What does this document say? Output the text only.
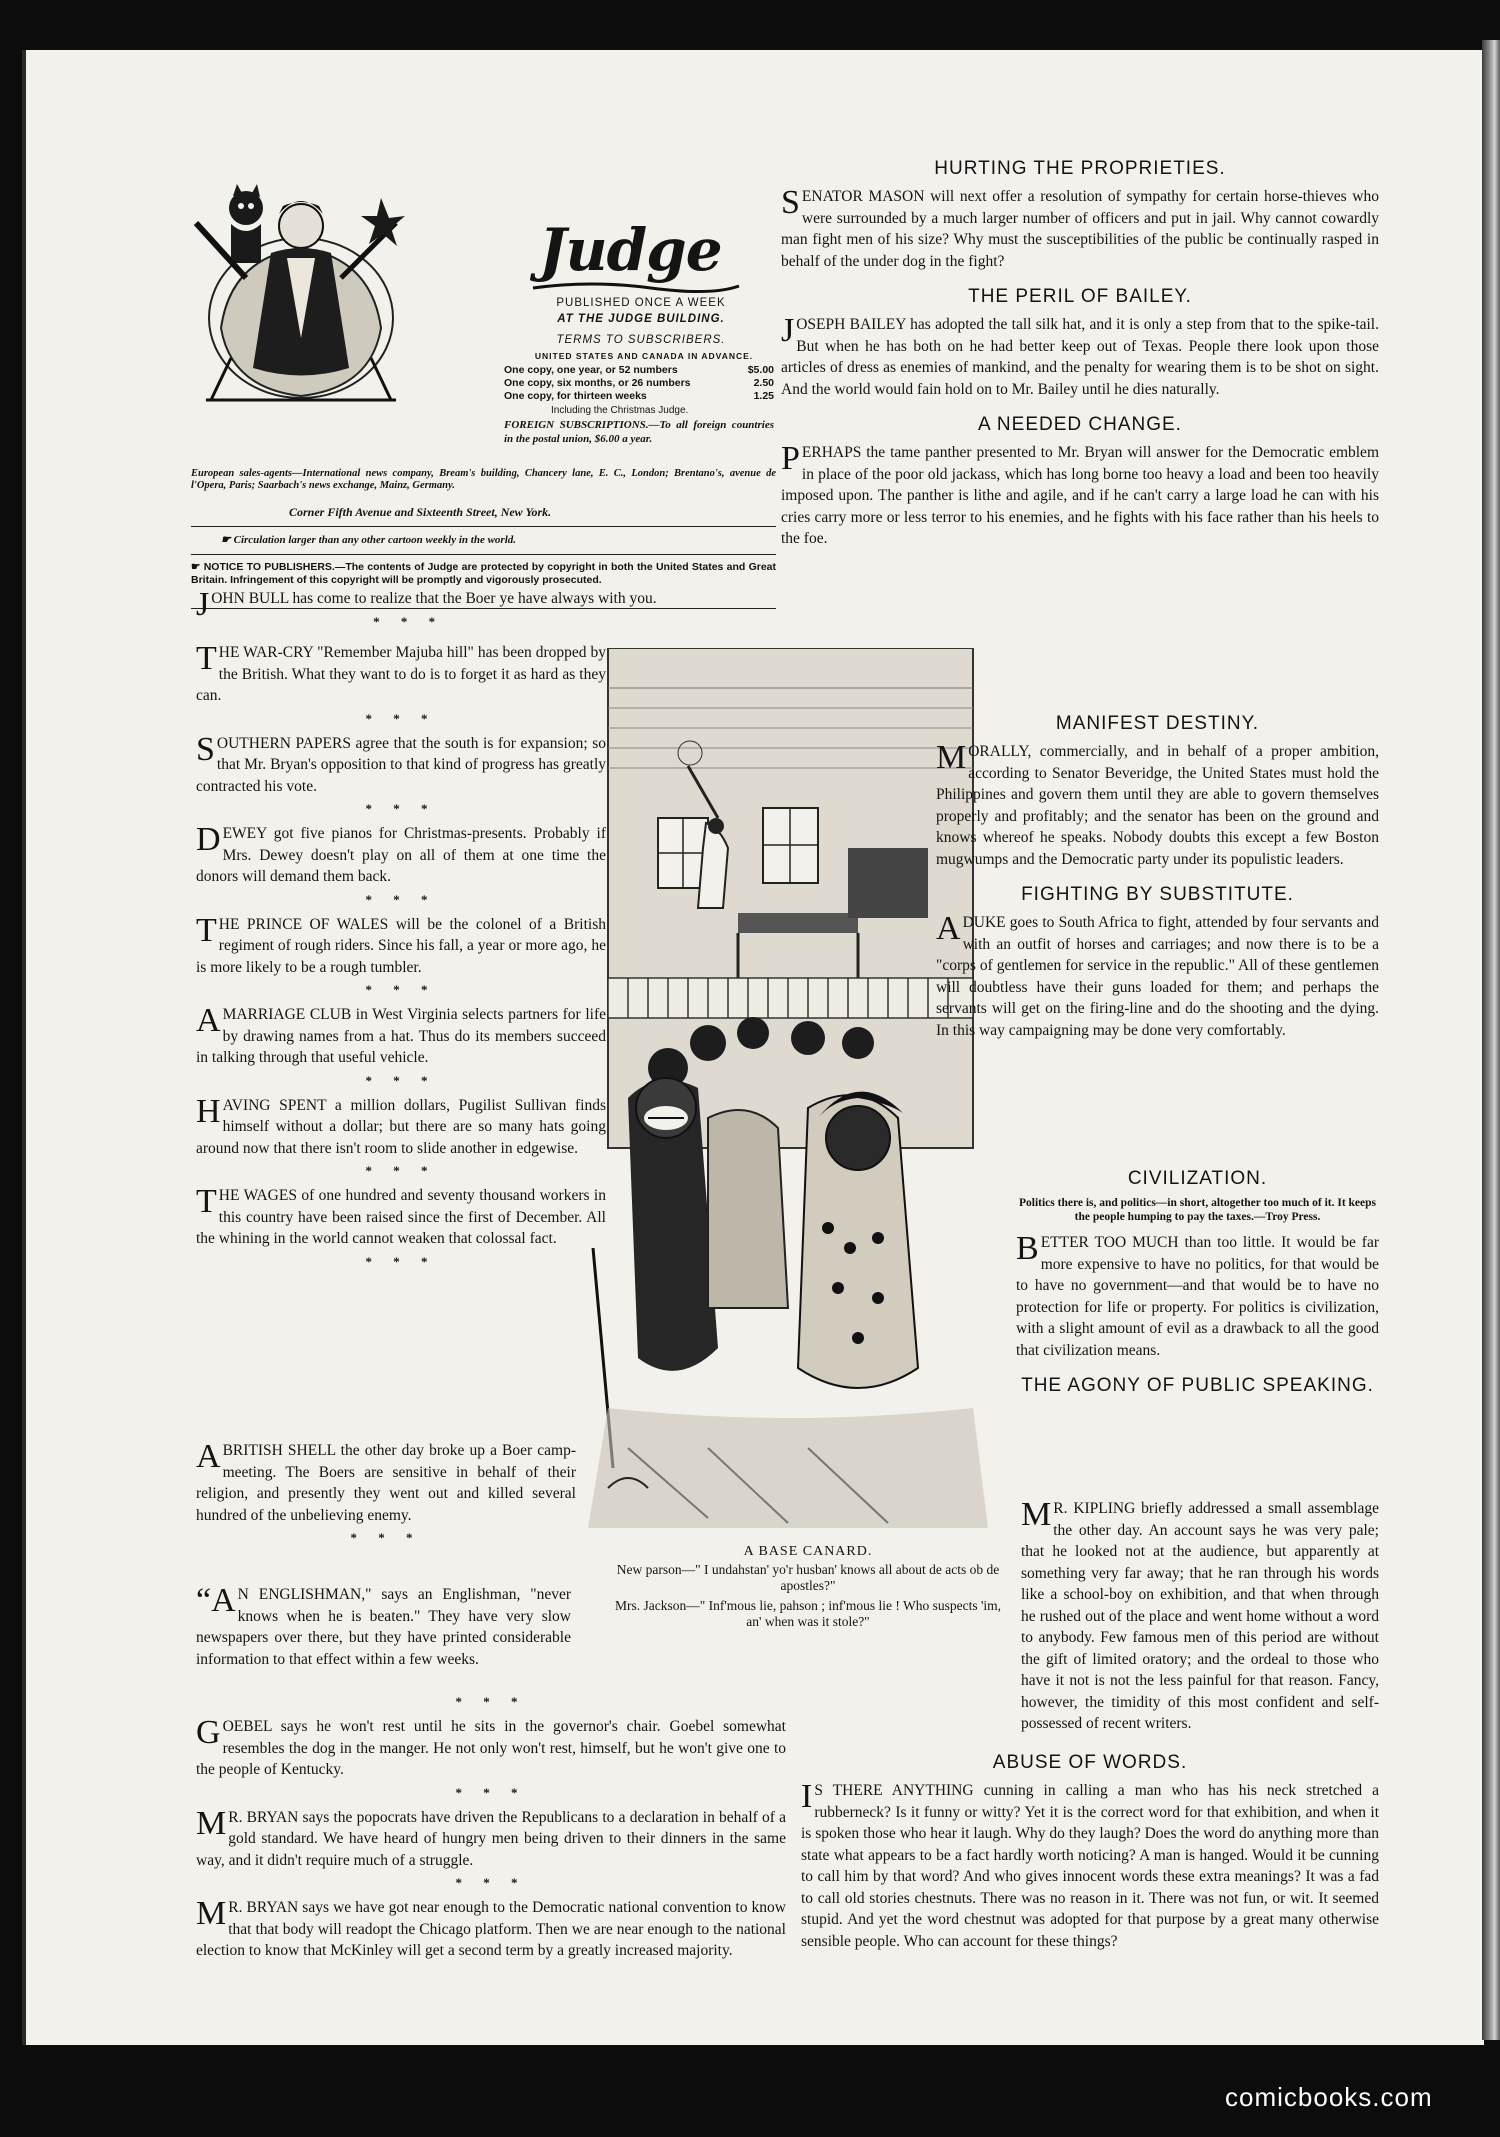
Judge
PUBLISHED ONCE A WEEK
AT THE JUDGE BUILDING.
TERMS TO SUBSCRIBERS.
UNITED STATES AND CANADA IN ADVANCE.
One copy, one year, or 52 numbers	$5.00
One copy, six months, or 26 numbers	2.50
One copy, for thirteen weeks	1.25
Including the Christmas Judge.
FOREIGN SUBSCRIPTIONS.—To all foreign countries in the postal union, $6.00 a year.
European sales-agents—International news company, Bream's building, Chancery lane, E. C., London; Brentano's, avenue de l'Opera, Paris; Saarbach's news exchange, Mainz, Germany.
Corner Fifth Avenue and Sixteenth Street, New York.
☛ Circulation larger than any other cartoon weekly in the world.
☛ NOTICE TO PUBLISHERS.—The contents of Judge are protected by copyright in both the United States and Great Britain. Infringement of this copyright will be promptly and vigorously prosecuted.

JOHN BULL has come to realize that the Boer ye have always with you.

* * *

THE WAR-CRY "Remember Majuba hill" has been dropped by the British. What they want to do is to forget it as hard as they can.

* * *

SOUTHERN PAPERS agree that the south is for expansion; so that Mr. Bryan's opposition to that kind of progress has greatly contracted his vote.

* * *

DEWEY got five pianos for Christmas-presents. Probably if Mrs. Dewey doesn't play on all of them at one time the donors will demand them back.

* * *

THE PRINCE OF WALES will be the colonel of a British regiment of rough riders. Since his fall, a year or more ago, he is more likely to be a rough tumbler.

* * *

A MARRIAGE CLUB in West Virginia selects partners for life by drawing names from a hat. Thus do its members succeed in talking through that useful vehicle.

* * *

HAVING SPENT a million dollars, Pugilist Sullivan finds himself without a dollar; but there are so many hats going around now that there isn't room to slide another in edgewise.

* * *

THE WAGES of one hundred and seventy thousand workers in this country have been raised since the first of December. All the whining in the world cannot weaken that colossal fact.

* * *

A BRITISH SHELL the other day broke up a Boer camp-meeting. The Boers are sensitive in behalf of their religion, and presently they went out and killed several hundred of the unbelieving enemy.

* * *

“A N ENGLISHMAN," says an Englishman, "never knows when he is beaten." They have very slow newspapers over there, but they have printed considerable information to that effect within a few weeks.

* * *

GOEBEL says he won't rest until he sits in the governor's chair. Goebel somewhat resembles the dog in the manger. He not only won't rest, himself, but he won't give one to the people of Kentucky.

* * *

M R. BRYAN says the popocrats have driven the Republicans to a declaration in behalf of a gold standard. We have heard of hungry men being driven to their dinners in the same way, and it didn't require much of a struggle.

* * *

M R. BRYAN says we have got near enough to the Democratic national convention to know that that body will readopt the Chicago platform. Then we are near enough to the national election to know that McKinley will get a second term by a greatly increased majority.

A BASE CANARD.
New parson—" I undahstan' yo'r husban' knows all about de acts ob de apostles?"
Mrs. Jackson—" Inf'mous lie, pahson ; inf'mous lie ! Who suspects 'im, an' when was it stole?"
HURTING THE PROPRIETIES.

SENATOR MASON will next offer a resolution of sympathy for certain horse-thieves who were surrounded by a much larger number of officers and put in jail. Why cannot cowardly man fight men of his size? Why must the susceptibilities of the public be continually rasped in behalf of the under dog in the fight?

THE PERIL OF BAILEY.

JOSEPH BAILEY has adopted the tall silk hat, and it is only a step from that to the spike-tail. But when he has both on he had better keep out of Texas. People there look upon those articles of dress as enemies of mankind, and the penalty for wearing them is to be shot on sight. And the world would fain hold on to Mr. Bailey until he dies naturally.

A NEEDED CHANGE.

PERHAPS the tame panther presented to Mr. Bryan will answer for the Democratic emblem in place of the poor old jackass, which has long borne too heavy a load and been too heavily imposed upon. The panther is lithe and agile, and if he can't carry a large load he can with his cries carry more or less terror to his enemies, and he fights with his face rather than his heels to the foe.

MANIFEST DESTINY.

MORALLY, commercially, and in behalf of a proper ambition, according to Senator Beveridge, the United States must hold the Philippines and govern them until they are able to govern themselves properly and profitably; and the senator has been on the ground and knows whereof he speaks. Nobody doubts this except a few Boston mugwumps and the Democratic party under its populistic leaders.

FIGHTING BY SUBSTITUTE.

A DUKE goes to South Africa to fight, attended by four servants and with an outfit of horses and carriages; and now there is to be a "corps of gentlemen for service in the republic." All of these gentlemen will doubtless have their guns loaded for them; and perhaps the servants will get on the firing-line and do the shooting and the dying. In this way campaigning may be done very comfortably.

CIVILIZATION.
Politics there is, and politics—in short, altogether too much of it. It keeps the people humping to pay the taxes.—Troy Press.

BETTER TOO MUCH than too little. It would be far more expensive to have no politics, for that would be to have no government—and that would be to have no protection for life or property. For politics is civilization, with a slight amount of evil as a drawback to all the good that civilization means.

THE AGONY OF PUBLIC SPEAKING.

M R. KIPLING briefly addressed a small assemblage the other day. An account says he was very pale; that he looked not at the audience, but apparently at something very far away; that he ran through his words like a school-boy on exhibition, and that when through he rushed out of the place and went home without a word to anybody. Few famous men of this period are without the gift of limited oratory; and the ordeal to those who have it not is not the less painful for that reason. Fancy, however, the timidity of this most confident and self-possessed of recent writers.

ABUSE OF WORDS.

I S THERE ANYTHING cunning in calling a man who has his neck stretched a rubberneck? Is it funny or witty? Yet it is the correct word for that exhibition, and when it is spoken those who hear it laugh. Why do they laugh? Does the word do anything more than state what appears to be a fact hardly worth noticing? A man is hanged. Would it be cunning to call him by that word? And who gives innocent words these extra meanings? It was a fad to call old stories chestnuts. There was no reason in it. There was not fun, or wit. It seemed stupid. And yet the word chestnut was adopted for that purpose by a great many otherwise sensible people. Who can account for these things?

comicbooks.com
